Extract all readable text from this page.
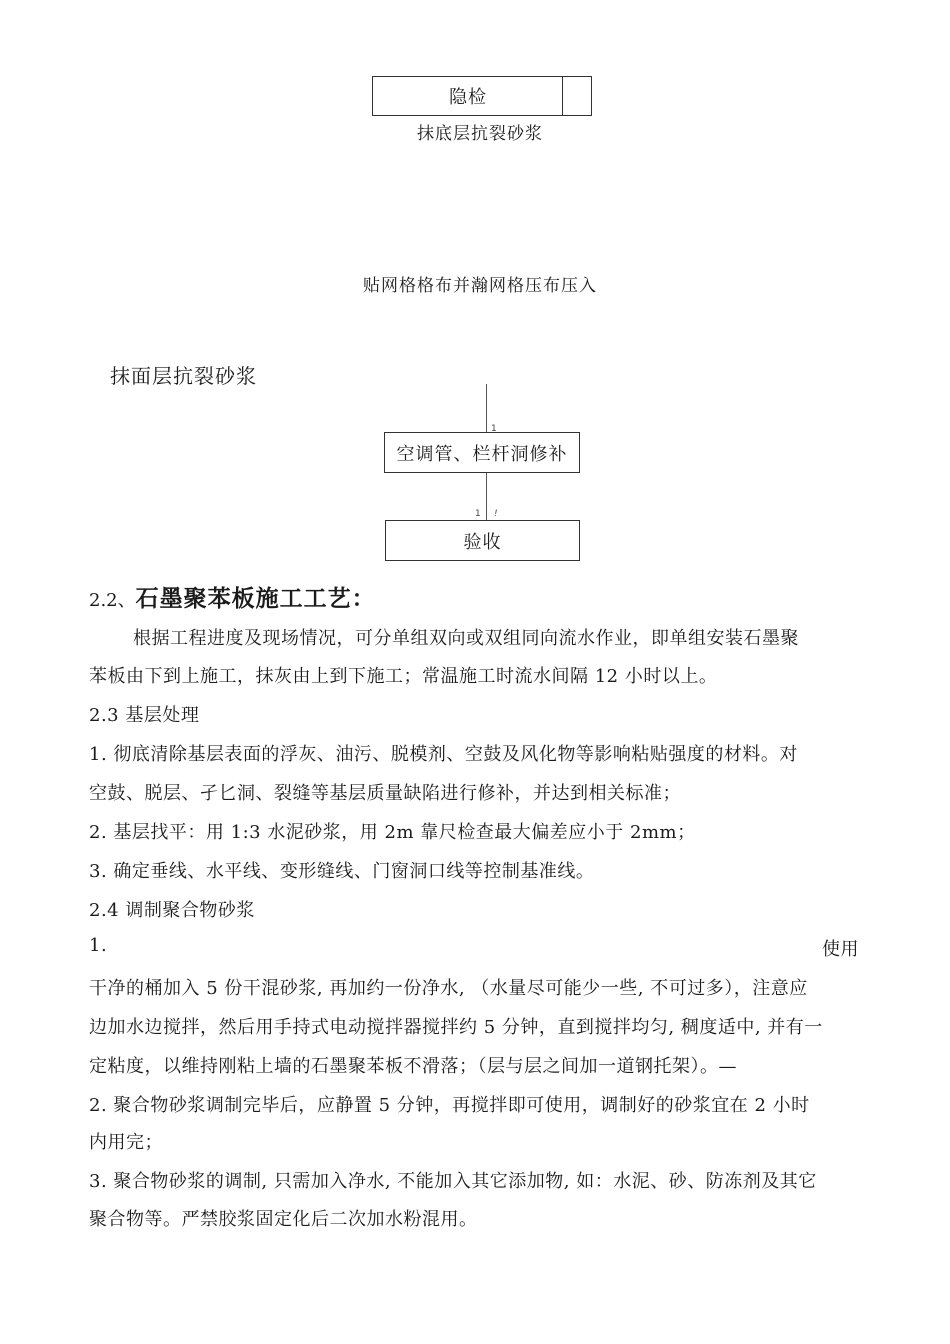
隐检
抹底层抗裂砂浆
贴网格格布并瀚网格压布压入
抹面层抗裂砂浆
1
空调管、栏杆洞修补
1 !
验收
2.2、石墨聚苯板施工工艺：
根据工程进度及现场情况，可分单组双向或双组同向流水作业，即单组安装石墨聚
苯板由下到上施工，抹灰由上到下施工；常温施工时流水间隔 12 小时以上。
2.3 基层处理
1. 彻底清除基层表面的浮灰、油污、脱模剂、空鼓及风化物等影响粘贴强度的材料。对
空鼓、脱层、孑匕洞、裂缝等基层质量缺陷进行修补，并达到相关标准；
2. 基层找平：用 1:3 水泥砂浆，用 2m 靠尺检查最大偏差应小于 2mm；
3. 确定垂线、水平线、变形缝线、门窗洞口线等控制基准线。
2.4 调制聚合物砂浆
1.	使用
干净的桶加入 5 份干混砂浆, 再加约一份净水, （水量尽可能少一些, 不可过多），注意应
边加水边搅拌，然后用手持式电动搅拌器搅拌约 5 分钟，直到搅拌均匀, 稠度适中, 并有一
定粘度，以维持刚粘上墙的石墨聚苯板不滑落；（层与层之间加一道钢托架）。—
2. 聚合物砂浆调制完毕后，应静置 5 分钟，再搅拌即可使用，调制好的砂浆宜在 2 小时
内用完；
3. 聚合物砂浆的调制, 只需加入净水, 不能加入其它添加物, 如：水泥、砂、防冻剂及其它
聚合物等。严禁胶浆固定化后二次加水粉混用。
